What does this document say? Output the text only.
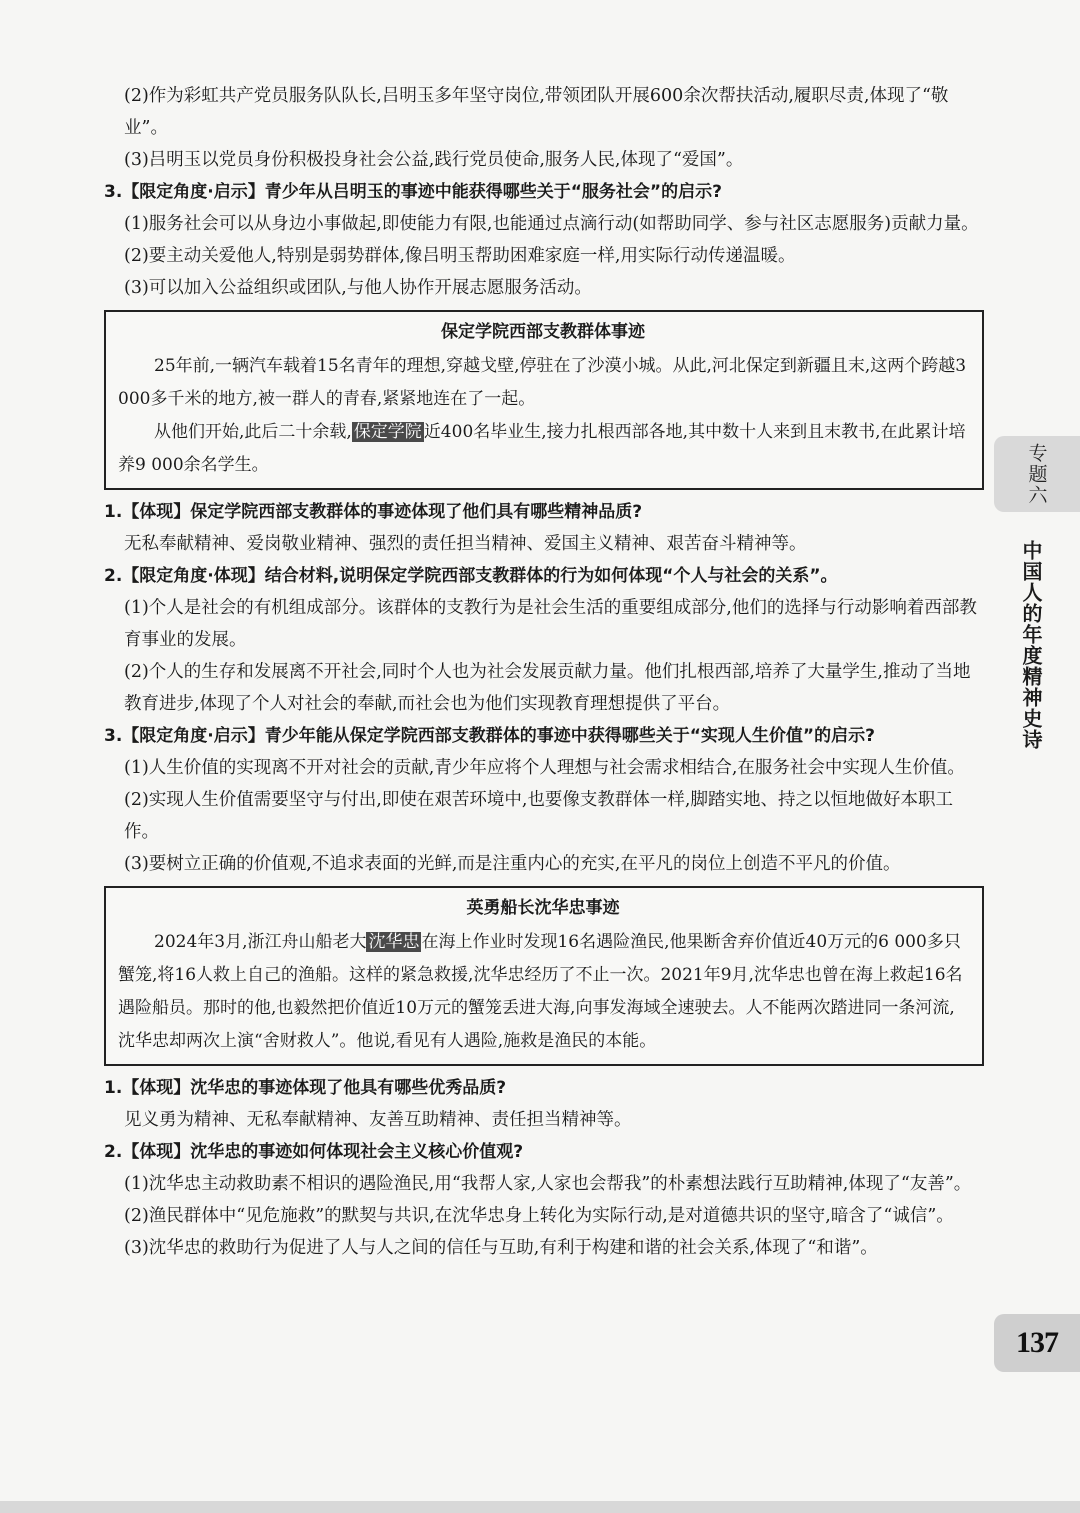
(2)作为彩虹共产党员服务队队长,吕明玉多年坚守岗位,带领团队开展600余次帮扶活动,履职尽责,体现了“敬业”。

(3)吕明玉以党员身份积极投身社会公益,践行党员使命,服务人民,体现了“爱国”。

3.【限定角度·启示】青少年从吕明玉的事迹中能获得哪些关于“服务社会”的启示?

(1)服务社会可以从身边小事做起,即使能力有限,也能通过点滴行动(如帮助同学、参与社区志愿服务)贡献力量。

(2)要主动关爱他人,特别是弱势群体,像吕明玉帮助困难家庭一样,用实际行动传递温暖。

(3)可以加入公益组织或团队,与他人协作开展志愿服务活动。

保定学院西部支教群体事迹

25年前,一辆汽车载着15名青年的理想,穿越戈壁,停驻在了沙漠小城。从此,河北保定到新疆且末,这两个跨越3 000多千米的地方,被一群人的青春,紧紧地连在了一起。

从他们开始,此后二十余载, 保定学院 近400名毕业生,接力扎根西部各地,其中数十人来到且末教书,在此累计培养9 000余名学生。

1.【体现】保定学院西部支教群体的事迹体现了他们具有哪些精神品质?

无私奉献精神、爱岗敬业精神、强烈的责任担当精神、爱国主义精神、艰苦奋斗精神等。

2.【限定角度·体现】结合材料,说明保定学院西部支教群体的行为如何体现“个人与社会的关系”。

(1)个人是社会的有机组成部分。该群体的支教行为是社会生活的重要组成部分,他们的选择与行动影响着西部教育事业的发展。

(2)个人的生存和发展离不开社会,同时个人也为社会发展贡献力量。他们扎根西部,培养了大量学生,推动了当地教育进步,体现了个人对社会的奉献,而社会也为他们实现教育理想提供了平台。

3.【限定角度·启示】青少年能从保定学院西部支教群体的事迹中获得哪些关于“实现人生价值”的启示?

(1)人生价值的实现离不开对社会的贡献,青少年应将个人理想与社会需求相结合,在服务社会中实现人生价值。

(2)实现人生价值需要坚守与付出,即使在艰苦环境中,也要像支教群体一样,脚踏实地、持之以恒地做好本职工作。

(3)要树立正确的价值观,不追求表面的光鲜,而是注重内心的充实,在平凡的岗位上创造不平凡的价值。

英勇船长沈华忠事迹

2024年3月,浙江舟山船老大 沈华忠 在海上作业时发现16名遇险渔民,他果断舍弃价值近40万元的6 000多只蟹笼,将16人救上自己的渔船。这样的紧急救援,沈华忠经历了不止一次。2021年9月,沈华忠也曾在海上救起16名遇险船员。那时的他,也毅然把价值近10万元的蟹笼丢进大海,向事发海域全速驶去。人不能两次踏进同一条河流,沈华忠却两次上演“舍财救人”。他说,看见有人遇险,施救是渔民的本能。

1.【体现】沈华忠的事迹体现了他具有哪些优秀品质?

见义勇为精神、无私奉献精神、友善互助精神、责任担当精神等。

2.【体现】沈华忠的事迹如何体现社会主义核心价值观?

(1)沈华忠主动救助素不相识的遇险渔民,用“我帮人家,人家也会帮我”的朴素想法践行互助精神,体现了“友善”。

(2)渔民群体中“见危施救”的默契与共识,在沈华忠身上转化为实际行动,是对道德共识的坚守,暗含了“诚信”。

(3)沈华忠的救助行为促进了人与人之间的信任与互助,有利于构建和谐的社会关系,体现了“和谐”。

专题六
中国人的年度精神史诗
137
